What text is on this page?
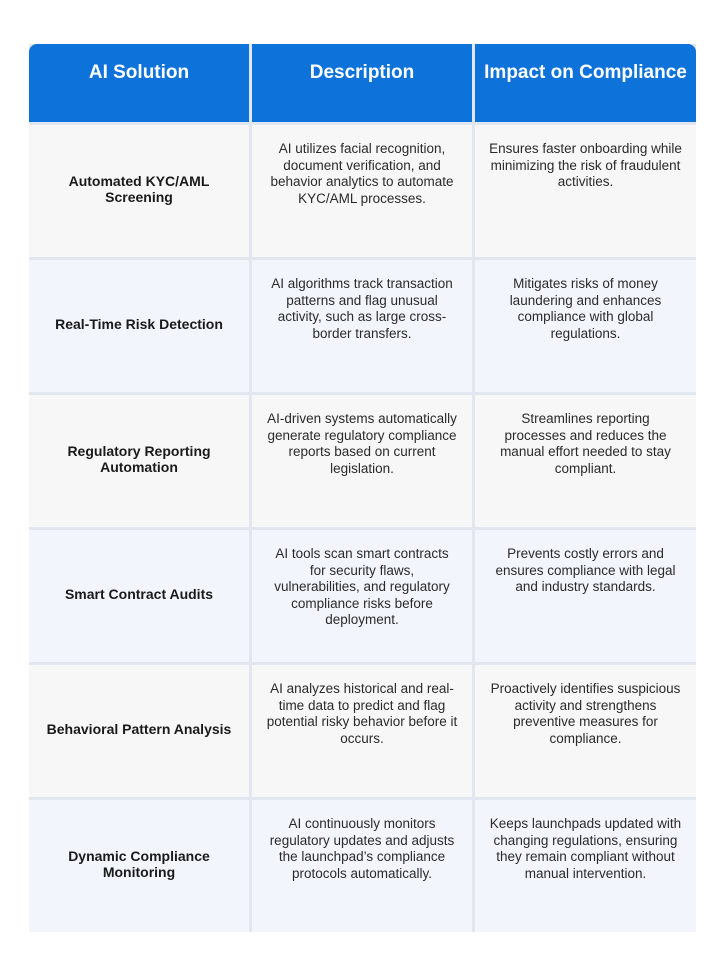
AI Solution	Description	Impact on Compliance
Automated KYC/AML Screening
AI utilizes facial recognition, document verification, and behavior analytics to automate KYC/AML processes.
Ensures faster onboarding while minimizing the risk of fraudulent activities.
Real-Time Risk Detection
AI algorithms track transaction patterns and flag unusual activity, such as large cross-border transfers.
Mitigates risks of money laundering and enhances compliance with global regulations.
Regulatory Reporting Automation
AI-driven systems automatically generate regulatory compliance reports based on current legislation.
Streamlines reporting processes and reduces the manual effort needed to stay compliant.
Smart Contract Audits
AI tools scan smart contracts for security flaws, vulnerabilities, and regulatory compliance risks before deployment.
Prevents costly errors and ensures compliance with legal and industry standards.
Behavioral Pattern Analysis
AI analyzes historical and real-time data to predict and flag potential risky behavior before it occurs.
Proactively identifies suspicious activity and strengthens preventive measures for compliance.
Dynamic Compliance Monitoring
AI continuously monitors regulatory updates and adjusts the launchpad’s compliance protocols automatically.
Keeps launchpads updated with changing regulations, ensuring they remain compliant without manual intervention.
